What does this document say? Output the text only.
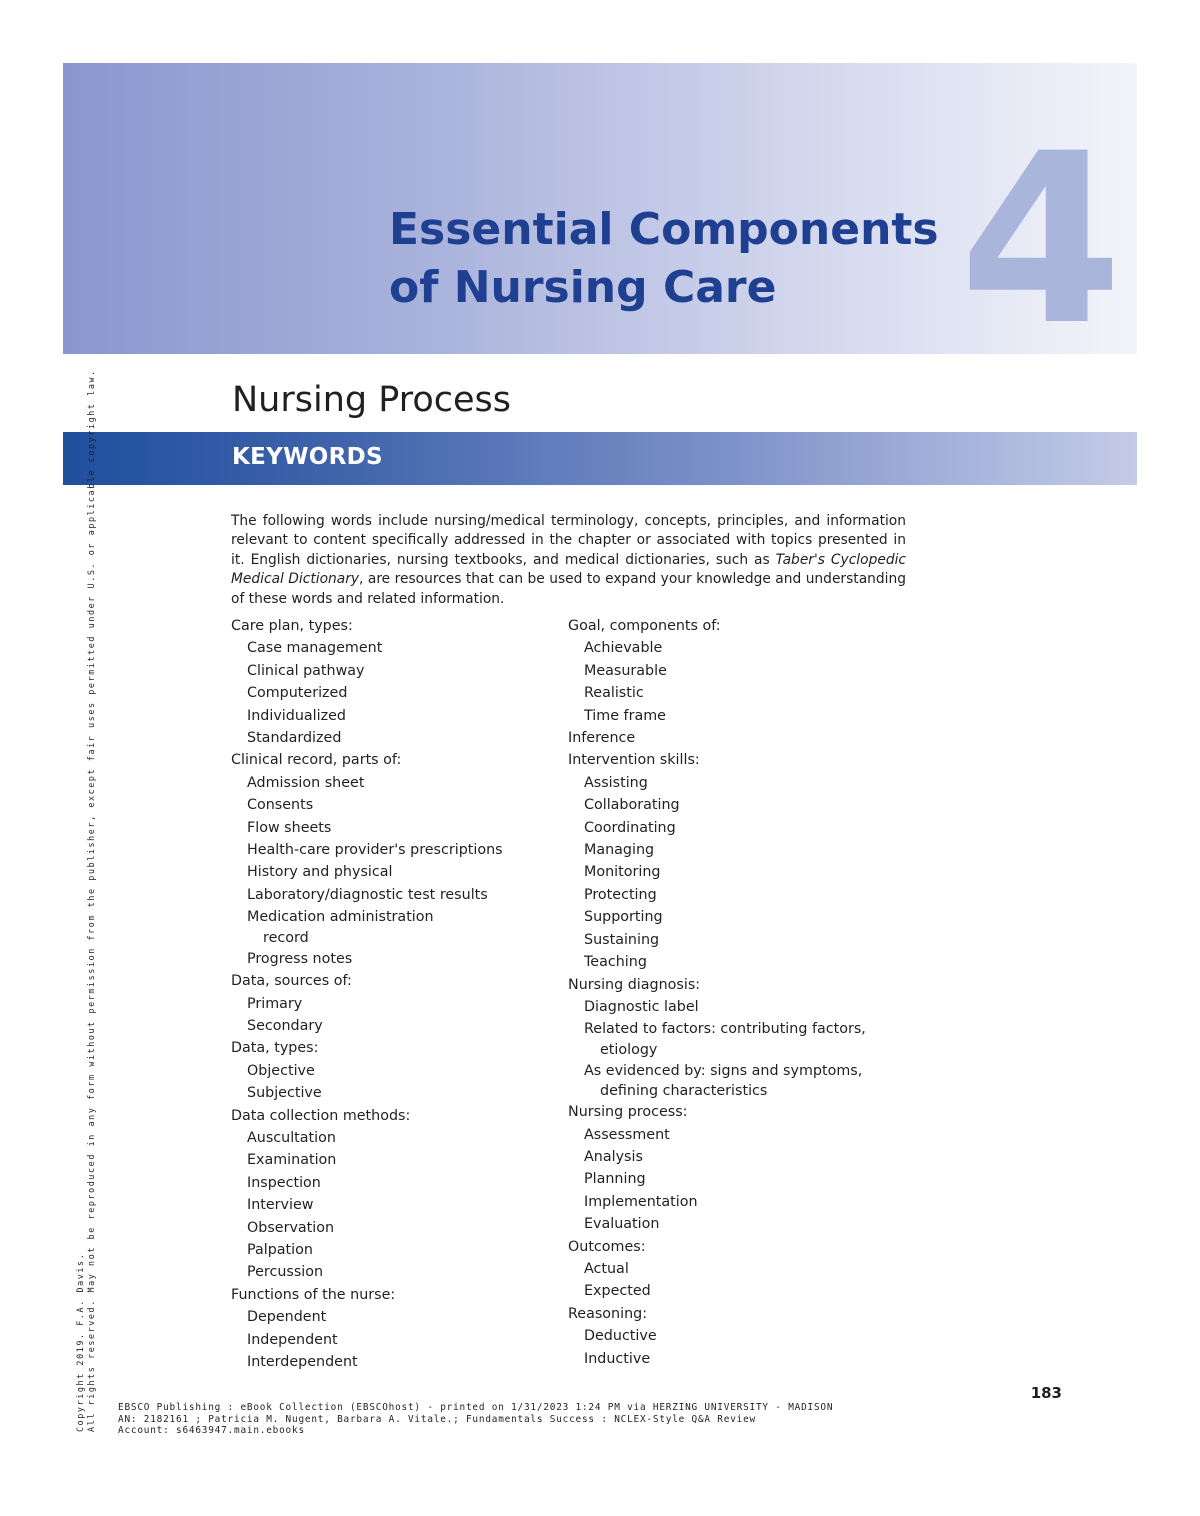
4
Essential Components
of Nursing Care
Nursing Process
KEYWORDS

The following words include nursing/medical terminology, concepts, principles, and information relevant to content specifically addressed in the chapter or associated with topics presented in it. English dictionaries, nursing textbooks, and medical dictionaries, such as Taber's Cyclopedic Medical Dictionary, are resources that can be used to expand your knowledge and understanding of these words and related information.

Care plan, types:
Case management
Clinical pathway
Computerized
Individualized
Standardized
Clinical record, parts of:
Admission sheet
Consents
Flow sheets
Health-care provider's prescriptions
History and physical
Laboratory/diagnostic test results
Medication administration
record
Progress notes
Data, sources of:
Primary
Secondary
Data, types:
Objective
Subjective
Data collection methods:
Auscultation
Examination
Inspection
Interview
Observation
Palpation
Percussion
Functions of the nurse:
Dependent
Independent
Interdependent
Goal, components of:
Achievable
Measurable
Realistic
Time frame
Inference
Intervention skills:
Assisting
Collaborating
Coordinating
Managing
Monitoring
Protecting
Supporting
Sustaining
Teaching
Nursing diagnosis:
Diagnostic label
Related to factors: contributing factors,
etiology
As evidenced by: signs and symptoms,
defining characteristics
Nursing process:
Assessment
Analysis
Planning
Implementation
Evaluation
Outcomes:
Actual
Expected
Reasoning:
Deductive
Inductive
183
EBSCO Publishing : eBook Collection (EBSCOhost) - printed on 1/31/2023 1:24 PM via HERZING UNIVERSITY - MADISON
AN: 2182161 ; Patricia M. Nugent, Barbara A. Vitale.; Fundamentals Success : NCLEX-Style Q&A Review
Account: s6463947.main.ebooks
Copyright 2019. F.A. Davis.
All rights reserved. May not be reproduced in any form without permission from the publisher, except fair uses permitted under U.S. or applicable copyright law.
